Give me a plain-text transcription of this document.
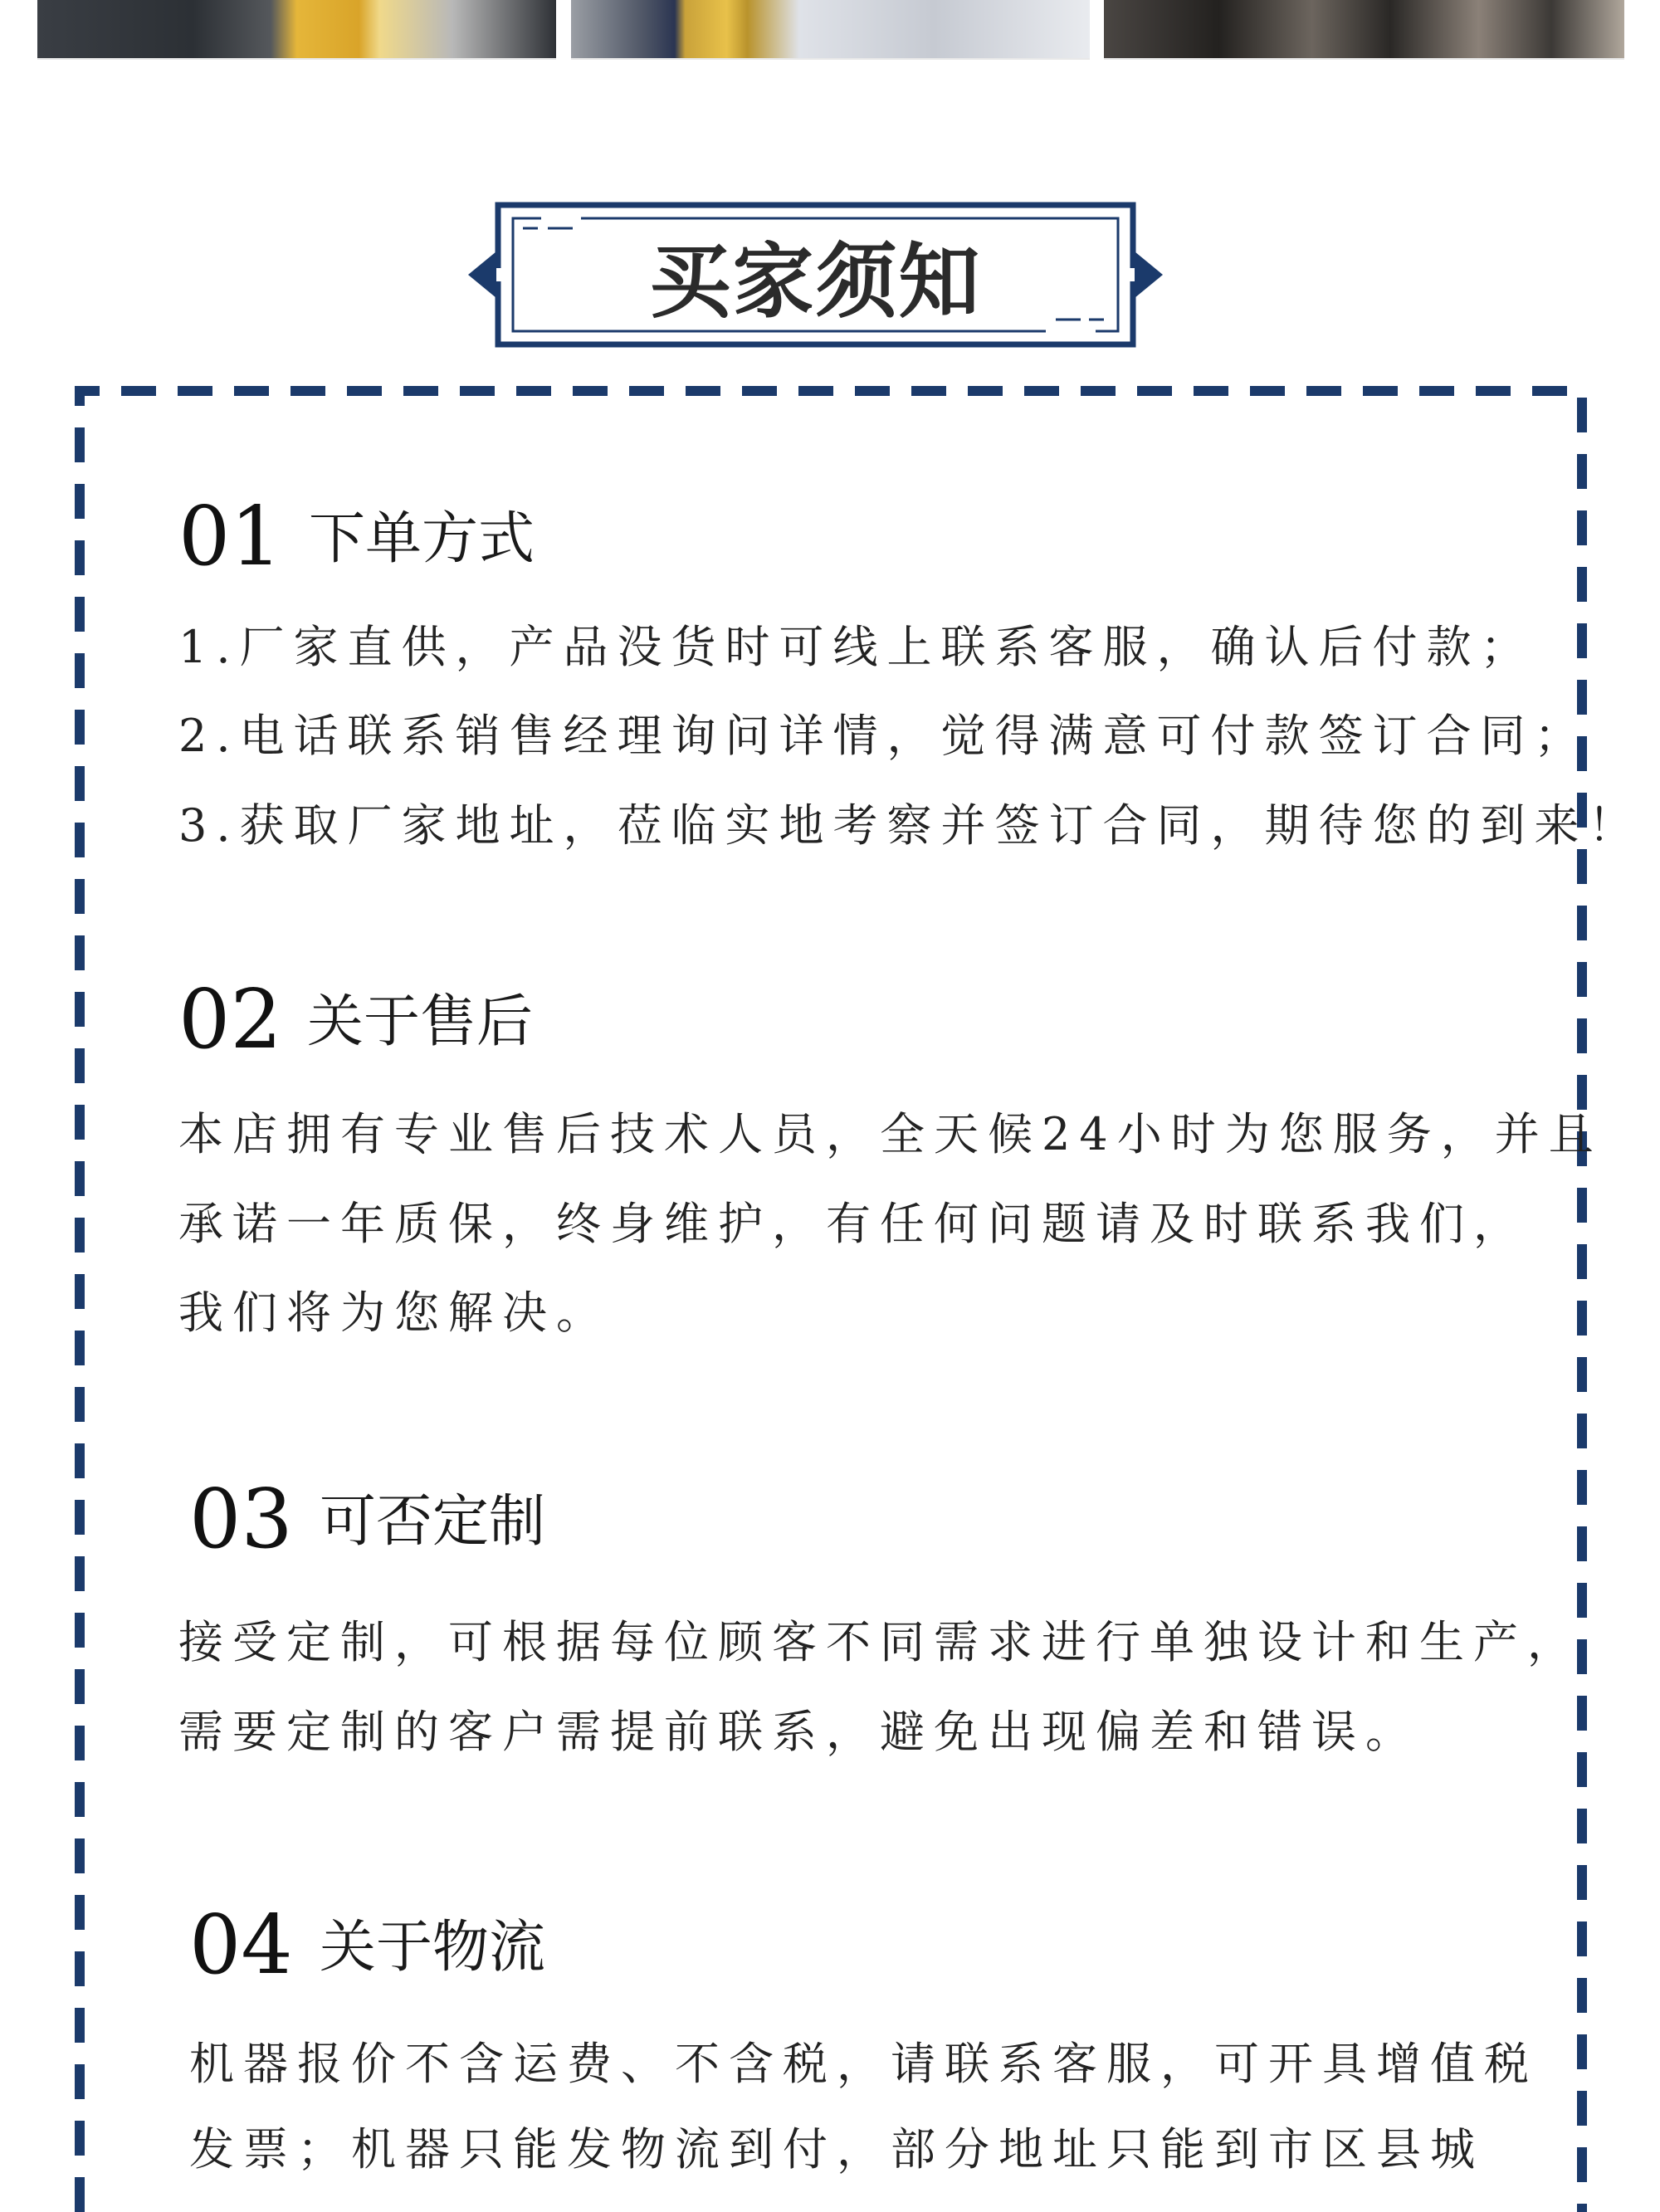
买家须知
01 下单方式
1.厂家直供，产品没货时可线上联系客服，确认后付款；
2.电话联系销售经理询问详情，觉得满意可付款签订合同；
3.获取厂家地址，莅临实地考察并签订合同，期待您的到来！
02 关于售后
本店拥有专业售后技术人员，全天候24小时为您服务，并且
承诺一年质保，终身维护，有任何问题请及时联系我们，
我们将为您解决。
03 可否定制
接受定制，可根据每位顾客不同需求进行单独设计和生产，
需要定制的客户需提前联系，避免出现偏差和错误。
04 关于物流
机器报价不含运费、不含税，请联系客服，可开具增值税
发票；机器只能发物流到付，部分地址只能到市区县城
